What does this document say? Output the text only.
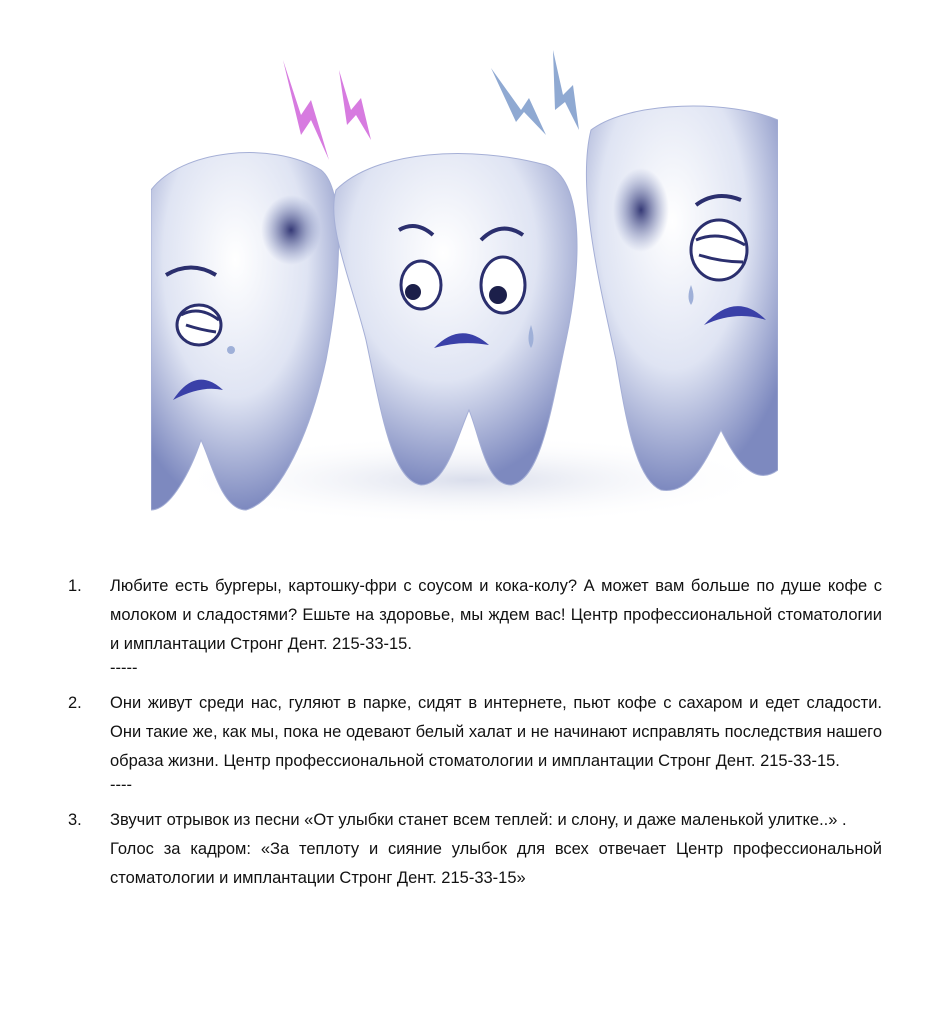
1. Любите есть бургеры, картошку-фри с соусом и кока-колу? А может вам больше по душе кофе с молоком и сладостями? Ешьте на здоровье, мы ждем вас! Центр профессиональной стоматологии и имплантации Стронг Дент. 215-33-15.

-----
2. Они живут среди нас, гуляют в парке, сидят в интернете, пьют кофе с сахаром и едет сладости. Они такие же, как мы, пока не одевают белый халат и не начинают исправлять последствия нашего образа жизни. Центр профессиональной стоматологии и имплантации Стронг Дент. 215-33-15.

----
3. Звучит отрывок из песни «От улыбки станет всем теплей: и слону, и даже маленькой улитке..» .

Голос за кадром: «За теплоту и сияние улыбок для всех отвечает Центр профессиональной стоматологии и имплантации Стронг Дент. 215-33-15»
